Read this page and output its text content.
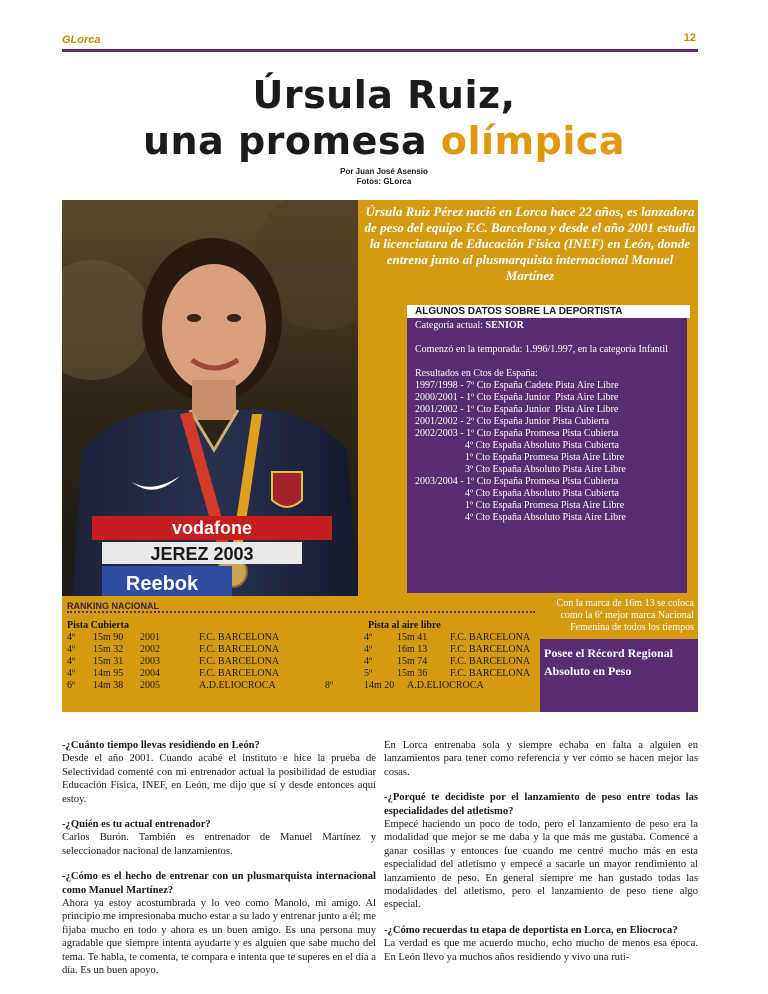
GLorca	12
Úrsula Ruiz,
una promesa olímpica
Por Juan José Asensio
Fotos: GLorca
vodafone
JEREZ 2003
Reebok
Úrsula Ruiz Pérez nació en Lorca hace 22 años, es lanzadora de peso del equipo F.C. Barcelona y desde el año 2001 estudia la licenciatura de Educación Física (INEF) en León, donde entrena junto al plusmarquista internacional Manuel Martínez
Categoría actual: SENIOR
Comenzó en la temporada: 1.996/1.997, en la categoría Infantil
Resultados en Ctos de España:
1997/1998 - 7º Cto España Cadete Pista Aire Libre
2000/2001 - 1º Cto España Junior  Pista Aire Libre
2001/2002 - 1º Cto España Junior  Pista Aire Libre
2001/2002 - 2º Cto España Junior Pista Cubierta
2002/2003 - 1º Cto España Promesa Pista Cubierta
4º Cto España Absoluto Pista Cubierta
1º Cto España Promesa Pista Aire Libre
3º Cto España Absoluto Pista Aire Libre
2003/2004 - 1º Cto España Promesa Pista Cubierta
4º Cto España Absoluto Pista Cubierta
1º Cto España Promesa Pista Aire Libre
4º Cto España Absoluto Pista Aire Libre
ALGUNOS DATOS SOBRE LA DEPORTISTA
RANKING NACIONAL
Pista Cubierta
4º 15m 90 2001	F.C. BARCELONA
4º 15m 32 2002	F.C. BARCELONA
4º 15m 31 2003	F.C. BARCELONA
4º 14m 95 2004	F.C. BARCELONA
6º 14m 38 2005	A.D.ELIOCROCA
Pista al aire libre
4º 15m 41 F.C. BARCELONA
4º 16m 13 F.C. BARCELONA
4º 15m 74 F.C. BARCELONA
5º 15m 36 F.C. BARCELONA
8º	14m 20 A.D.ELIOCROCA
Con la marca de 16m 13 se coloca como la 6ª mejor marca Nacional Femenina de todos los tiempos
Posee el Récord Regional Absoluto en Peso
-¿Cuánto tiempo llevas residiendo en León?
Desde el año 2001. Cuando acabé el instituto e hice la prueba de Selectividad comenté con mi entrenador actual la posibilidad de estudiar Educación Física, INEF, en León, me dijo que sí y desde entonces aquí estoy.
-¿Quién es tu actual entrenador?
Carlos Burón. También es entrenador de Manuel Martínez y seleccionador nacional de lanzamientos.
-¿Cómo es el hecho de entrenar con un plusmarquista internacional como Manuel Martínez?
Ahora ya estoy acostumbrada y lo veo como Manolo, mi amigo. Al principio me impresionaba mucho estar a su lado y entrenar junto a él; me fijaba mucho en todo y ahora es un buen amigo. Es una persona muy agradable que siempre intenta ayudarte y es alguien que sabe mucho del tema. Te habla, te comenta, te compara e intenta que te superes en el día a día. Es un buen apoyo.
En Lorca entrenaba sola y siempre echaba en falta a alguien en lanzamientos para tener como referencia y ver cómo se hacen mejor las cosas.
-¿Porqué te decidiste por el lanzamiento de peso entre todas las especialidades del atletismo?
Empecé haciendo un poco de todo, pero el lanzamiento de peso era la modalidad que mejor se me daba y la que más me gustaba. Comencé a ganar cosillas y entonces fue cuando me centré mucho más en esta especialidad del atletismo y empecé a sacarle un mayor rendimiento al lanzamiento de peso. En general siempre me han gustado todas las modalidades del atletismo, pero el lanzamiento de peso tiene algo especial.
-¿Cómo recuerdas tu etapa de deportista en Lorca, en Eliocroca?
La verdad es que me acuerdo mucho, echo mucho de menos esa época. En León llevo ya muchos años residiendo y vivo una ruti-
